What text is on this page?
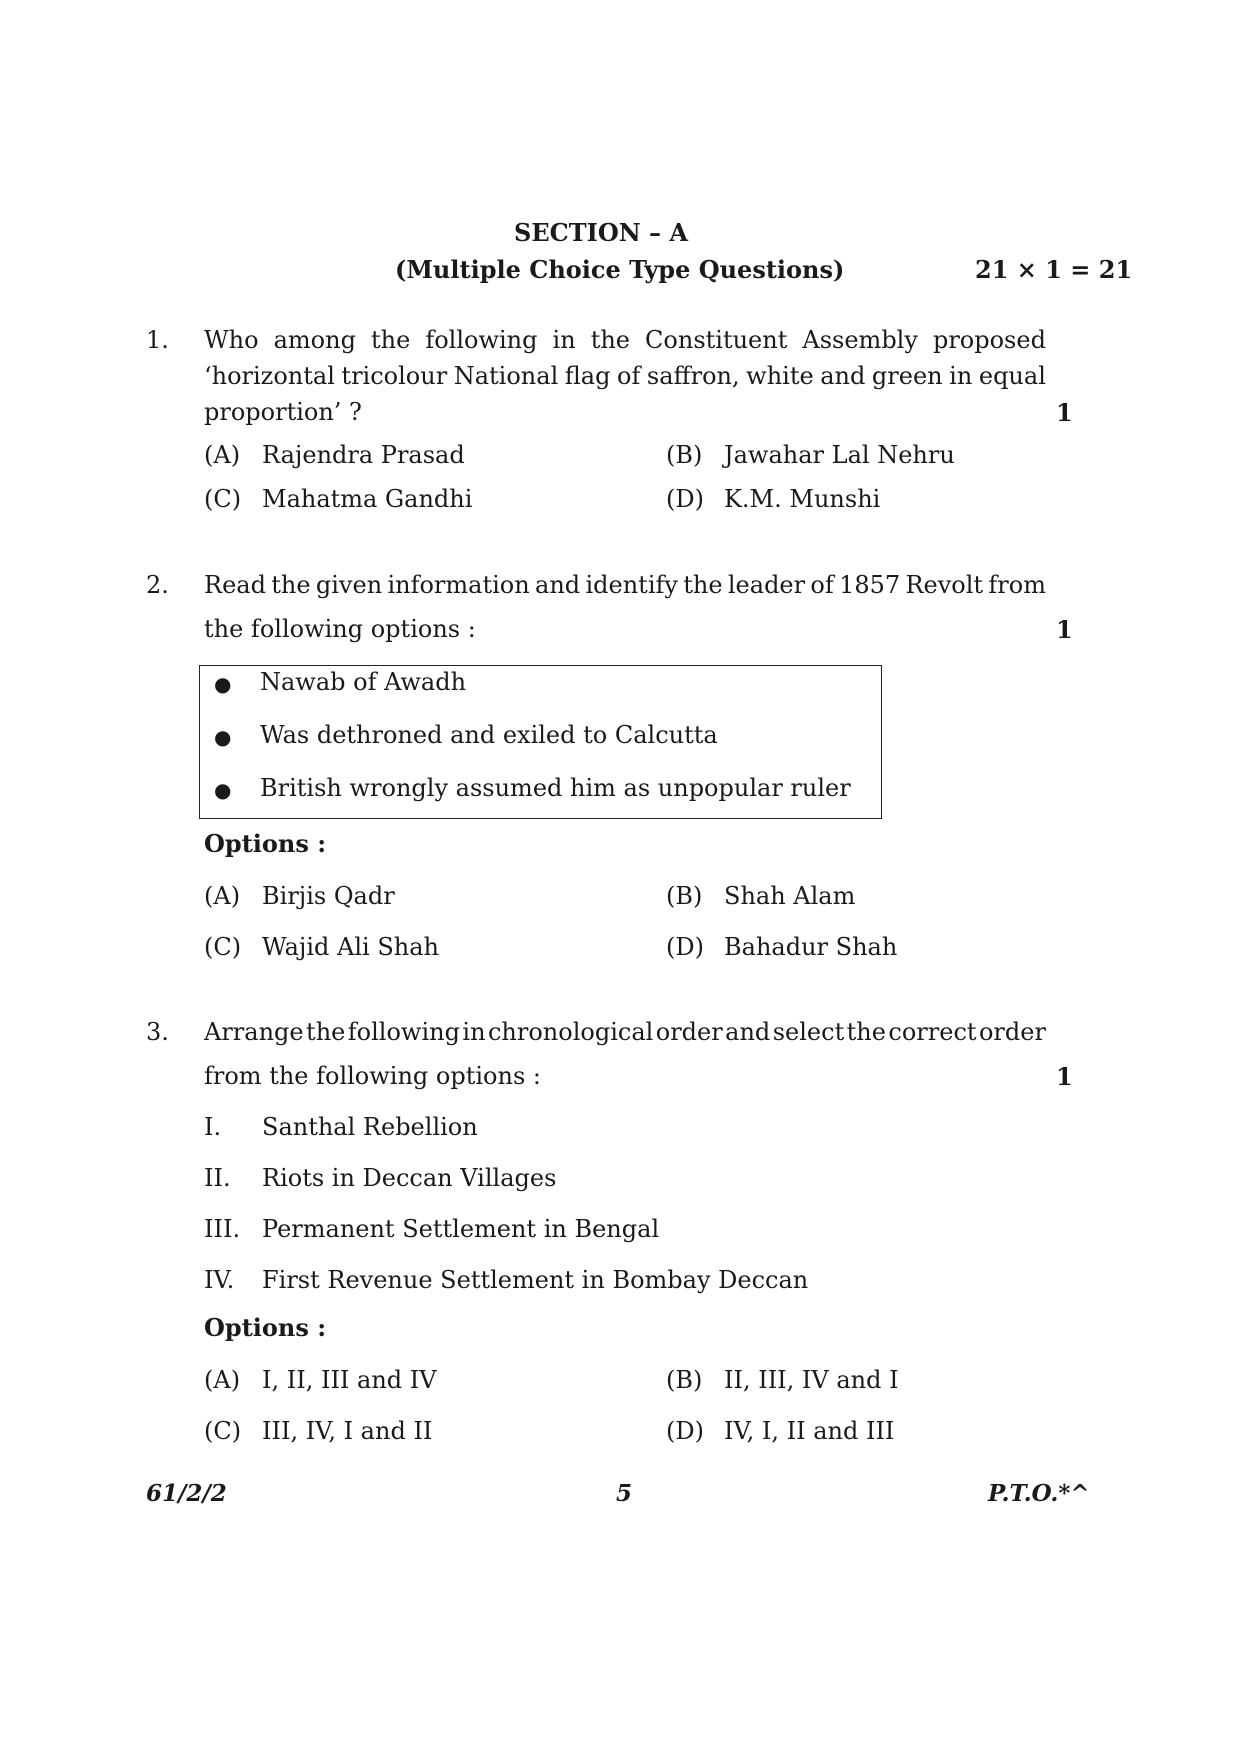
SECTION – A
(Multiple Choice Type Questions)	21 × 1 = 21
1. Who among the following in the Constituent Assembly proposed
‘horizontal tricolour National flag of saffron, white and green in equal
proportion’ ?	1
(A) Rajendra Prasad	(B) Jawahar Lal Nehru
(C) Mahatma Gandhi	(D) K.M. Munshi
2. Read the given information and identify the leader of 1857 Revolt from
the following options :	1
● Nawab of Awadh
● Was dethroned and exiled to Calcutta
● British wrongly assumed him as unpopular ruler
Options :
(A) Birjis Qadr	(B) Shah Alam
(C) Wajid Ali Shah	(D) Bahadur Shah
3. Arrange the following in chronological order and select the correct order
from the following options :	1
I. Santhal Rebellion
II. Riots in Deccan Villages
III. Permanent Settlement in Bengal
IV. First Revenue Settlement in Bombay Deccan
Options :
(A) I, II, III and IV	(B) II, III, IV and I
(C) III, IV, I and II	(D) IV, I, II and III
61/2/2	5	P.T.O.*^
